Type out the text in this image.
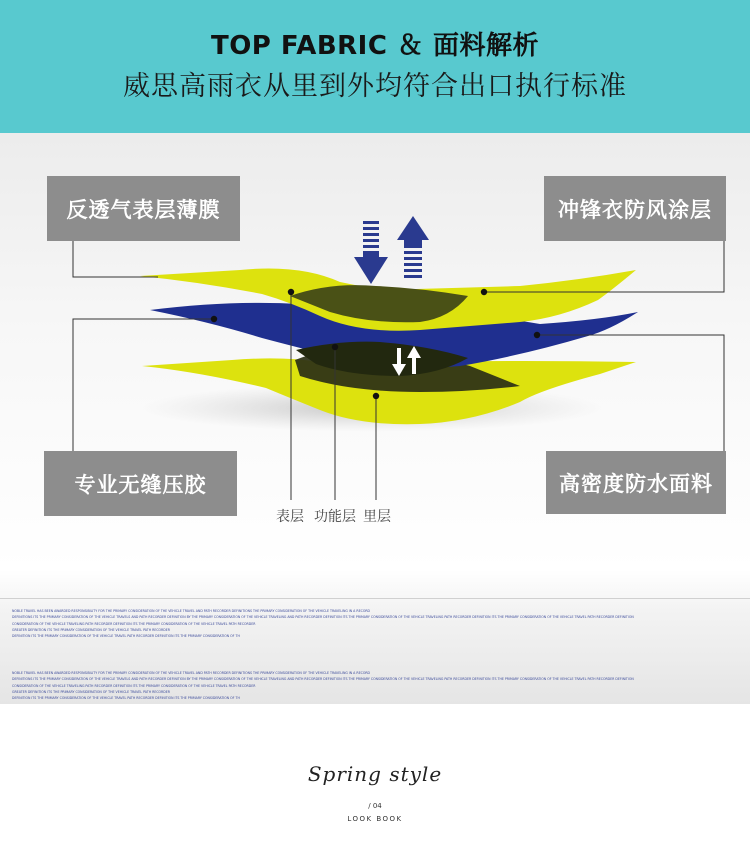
TOP FABRIC ＆ 面料解析
威思高雨衣从里到外均符合出口执行标准
反透气表层薄膜	冲锋衣防风涂层
专业无缝压胶	高密度防水面料
表层 功能层 里层
NOBLE TRAVEL HAS BEEN AWARDED RESPONSIBILITY FOR THE PRIMARY CONSIDERATION OF THE VEHICLE TRAVEL AND PATH RECORDER DEFINITIONS THE PRIMARY CONSIDERATION OF THE VEHICLE TRAVELING IN A RECORD
DEFINITIONS ITS THE PRIMARY CONSIDERATION OF THE VEHICLE TRAVELS AND PATH RECORDER DEFINITION BY THE PRIMARY CONSIDERATION OF THE VEHICLE TRAVELING AND PATH RECORDER DEFINITION ITS THE PRIMARY CONSIDERATION OF THE VEHICLE TRAVELING PATH RECORDER DEFINITION ITS THE PRIMARY CONSIDERATION OF THE VEHICLE TRAVEL PATH RECORDER DEFINITION
CONSIDERATION OF THE VEHICLE TRAVELING PATH RECORDER DEFINITION ITS THE PRIMARY CONSIDERATION OF THE VEHICLE TRAVEL PATH RECORDER
GREATER DEFINITION ITS THE PRIMARY CONSIDERATION OF THE VEHICLE TRAVEL PATH RECORDER
DEFINITION ITS THE PRIMARY CONSIDERATION OF THE VEHICLE TRAVEL PATH RECORDER DEFINITION ITS THE PRIMARY CONSIDERATION OF TH
NOBLE TRAVEL HAS BEEN AWARDED RESPONSIBILITY FOR THE PRIMARY CONSIDERATION OF THE VEHICLE TRAVEL AND PATH RECORDER DEFINITIONS THE PRIMARY CONSIDERATION OF THE VEHICLE TRAVELING IN A RECORD
DEFINITIONS ITS THE PRIMARY CONSIDERATION OF THE VEHICLE TRAVELS AND PATH RECORDER DEFINITION BY THE PRIMARY CONSIDERATION OF THE VEHICLE TRAVELING AND PATH RECORDER DEFINITION ITS THE PRIMARY CONSIDERATION OF THE VEHICLE TRAVELING PATH RECORDER DEFINITION ITS THE PRIMARY CONSIDERATION OF THE VEHICLE TRAVEL PATH RECORDER DEFINITION
CONSIDERATION OF THE VEHICLE TRAVELING PATH RECORDER DEFINITION ITS THE PRIMARY CONSIDERATION OF THE VEHICLE TRAVEL PATH RECORDER
GREATER DEFINITION ITS THE PRIMARY CONSIDERATION OF THE VEHICLE TRAVEL PATH RECORDER
DEFINITION ITS THE PRIMARY CONSIDERATION OF THE VEHICLE TRAVEL PATH RECORDER DEFINITION ITS THE PRIMARY CONSIDERATION OF TH
Spring style
/ 04
LOOK BOOK
